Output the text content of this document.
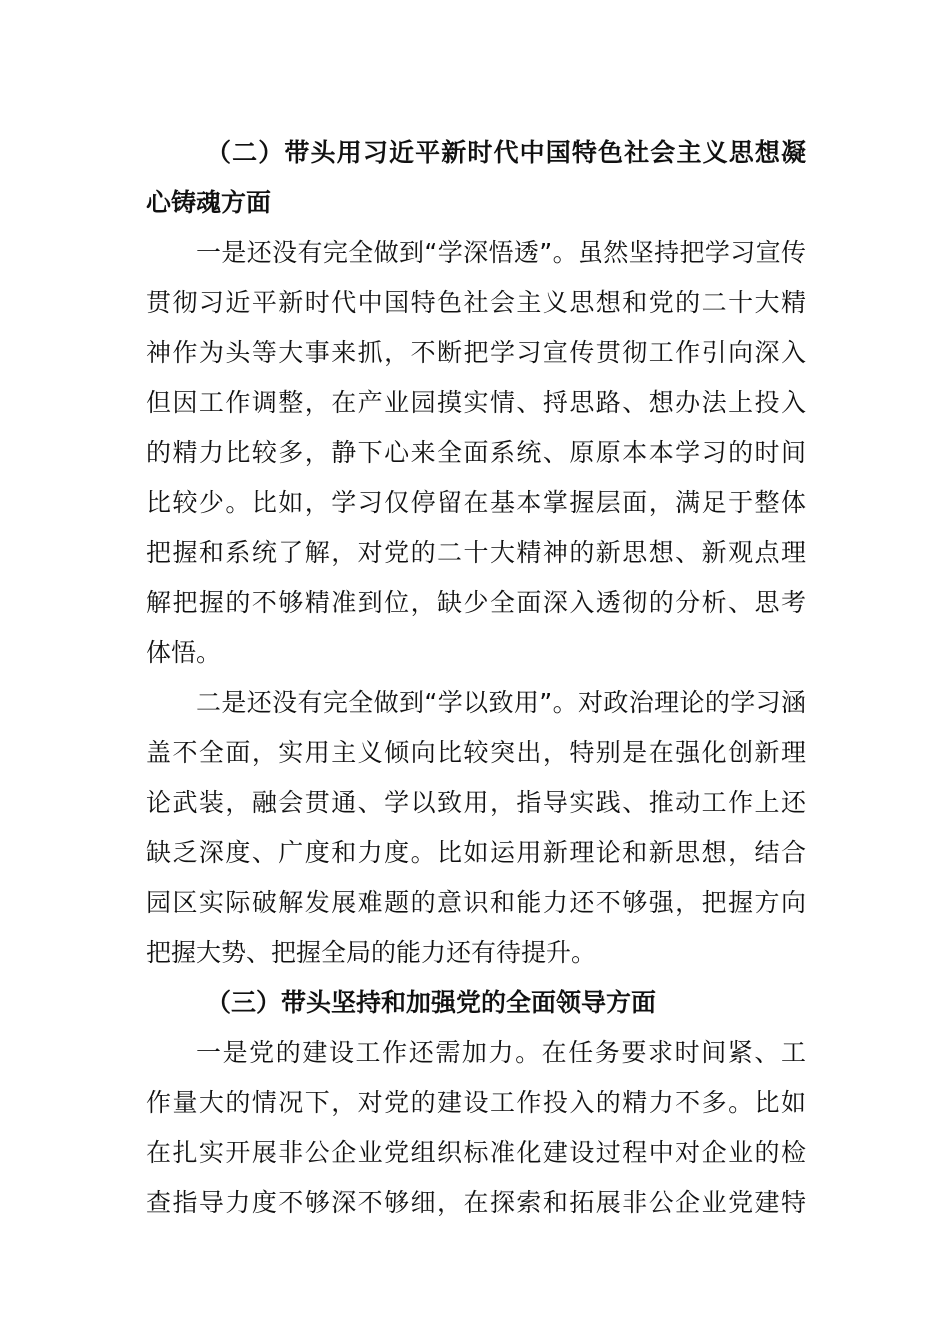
（二）带头用习近平新时代中国特色社会主义思想凝
心铸魂方面
一是还没有完全做到“学深悟透”。虽然坚持把学习宣传
贯彻习近平新时代中国特色社会主义思想和党的二十大精
神作为头等大事来抓，不断把学习宣传贯彻工作引向深入
但因工作调整，在产业园摸实情、捋思路、想办法上投入
的精力比较多，静下心来全面系统、原原本本学习的时间
比较少。比如，学习仅停留在基本掌握层面，满足于整体
把握和系统了解，对党的二十大精神的新思想、新观点理
解把握的不够精准到位，缺少全面深入透彻的分析、思考
体悟。
二是还没有完全做到“学以致用”。对政治理论的学习涵
盖不全面，实用主义倾向比较突出，特别是在强化创新理
论武装，融会贯通、学以致用，指导实践、推动工作上还
缺乏深度、广度和力度。比如运用新理论和新思想，结合
园区实际破解发展难题的意识和能力还不够强，把握方向
把握大势、把握全局的能力还有待提升。
（三）带头坚持和加强党的全面领导方面
一是党的建设工作还需加力。在任务要求时间紧、工
作量大的情况下，对党的建设工作投入的精力不多。比如
在扎实开展非公企业党组织标准化建设过程中对企业的检
查指导力度不够深不够细，在探索和拓展非公企业党建特
